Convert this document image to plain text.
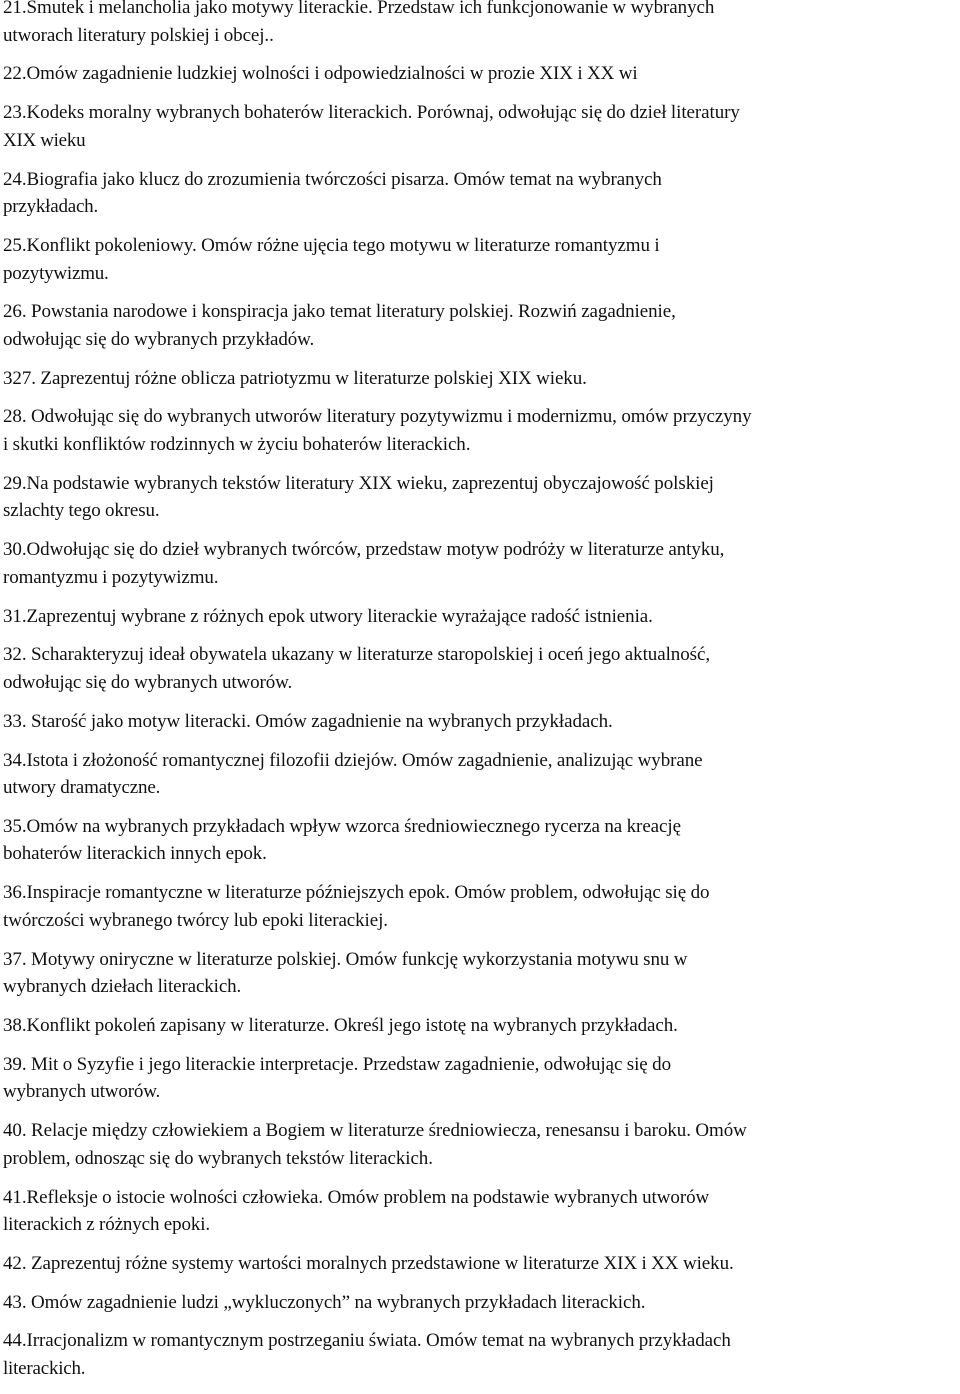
21.Smutek i melancholia jako motywy literackie. Przedstaw ich funkcjonowanie w wybranych
utworach literatury polskiej i obcej..
22.Omów zagadnienie ludzkiej wolności i odpowiedzialności w prozie XIX i XX wi
23.Kodeks moralny wybranych bohaterów literackich. Porównaj, odwołując się do dzieł literatury
XIX wieku
24.Biografia jako klucz do zrozumienia twórczości pisarza. Omów temat na wybranych
przykładach.
25.Konflikt pokoleniowy. Omów różne ujęcia tego motywu w literaturze romantyzmu i
pozytywizmu.
26. Powstania narodowe i konspiracja jako temat literatury polskiej. Rozwiń zagadnienie,
odwołując się do wybranych przykładów.
327. Zaprezentuj różne oblicza patriotyzmu w literaturze polskiej XIX wieku.
28. Odwołując się do wybranych utworów literatury pozytywizmu i modernizmu, omów przyczyny
i skutki konfliktów rodzinnych w życiu bohaterów literackich.
29.Na podstawie wybranych tekstów literatury XIX wieku, zaprezentuj obyczajowość polskiej
szlachty tego okresu.
30.Odwołując się do dzieł wybranych twórców, przedstaw motyw podróży w literaturze antyku,
romantyzmu i pozytywizmu.
31.Zaprezentuj wybrane z różnych epok utwory literackie wyrażające radość istnienia.
32. Scharakteryzuj ideał obywatela ukazany w literaturze staropolskiej i oceń jego aktualność,
odwołując się do wybranych utworów.
33. Starość jako motyw literacki. Omów zagadnienie na wybranych przykładach.
34.Istota i złożoność romantycznej filozofii dziejów. Omów zagadnienie, analizując wybrane
utwory dramatyczne.
35.Omów na wybranych przykładach wpływ wzorca średniowiecznego rycerza na kreację
bohaterów literackich innych epok.
36.Inspiracje romantyczne w literaturze późniejszych epok. Omów problem, odwołując się do
twórczości wybranego twórcy lub epoki literackiej.
37. Motywy oniryczne w literaturze polskiej. Omów funkcję wykorzystania motywu snu w
wybranych dziełach literackich.
38.Konflikt pokoleń zapisany w literaturze. Określ jego istotę na wybranych przykładach.
39. Mit o Syzyfie i jego literackie interpretacje. Przedstaw zagadnienie, odwołując się do
wybranych utworów.
40. Relacje między człowiekiem a Bogiem w literaturze średniowiecza, renesansu i baroku. Omów
problem, odnosząc się do wybranych tekstów literackich.
41.Refleksje o istocie wolności człowieka. Omów problem na podstawie wybranych utworów
literackich z różnych epoki.
42. Zaprezentuj różne systemy wartości moralnych przedstawione w literaturze XIX i XX wieku.
43. Omów zagadnienie ludzi „wykluczonych” na wybranych przykładach literackich.
44.Irracjonalizm w romantycznym postrzeganiu świata. Omów temat na wybranych przykładach
literackich.
